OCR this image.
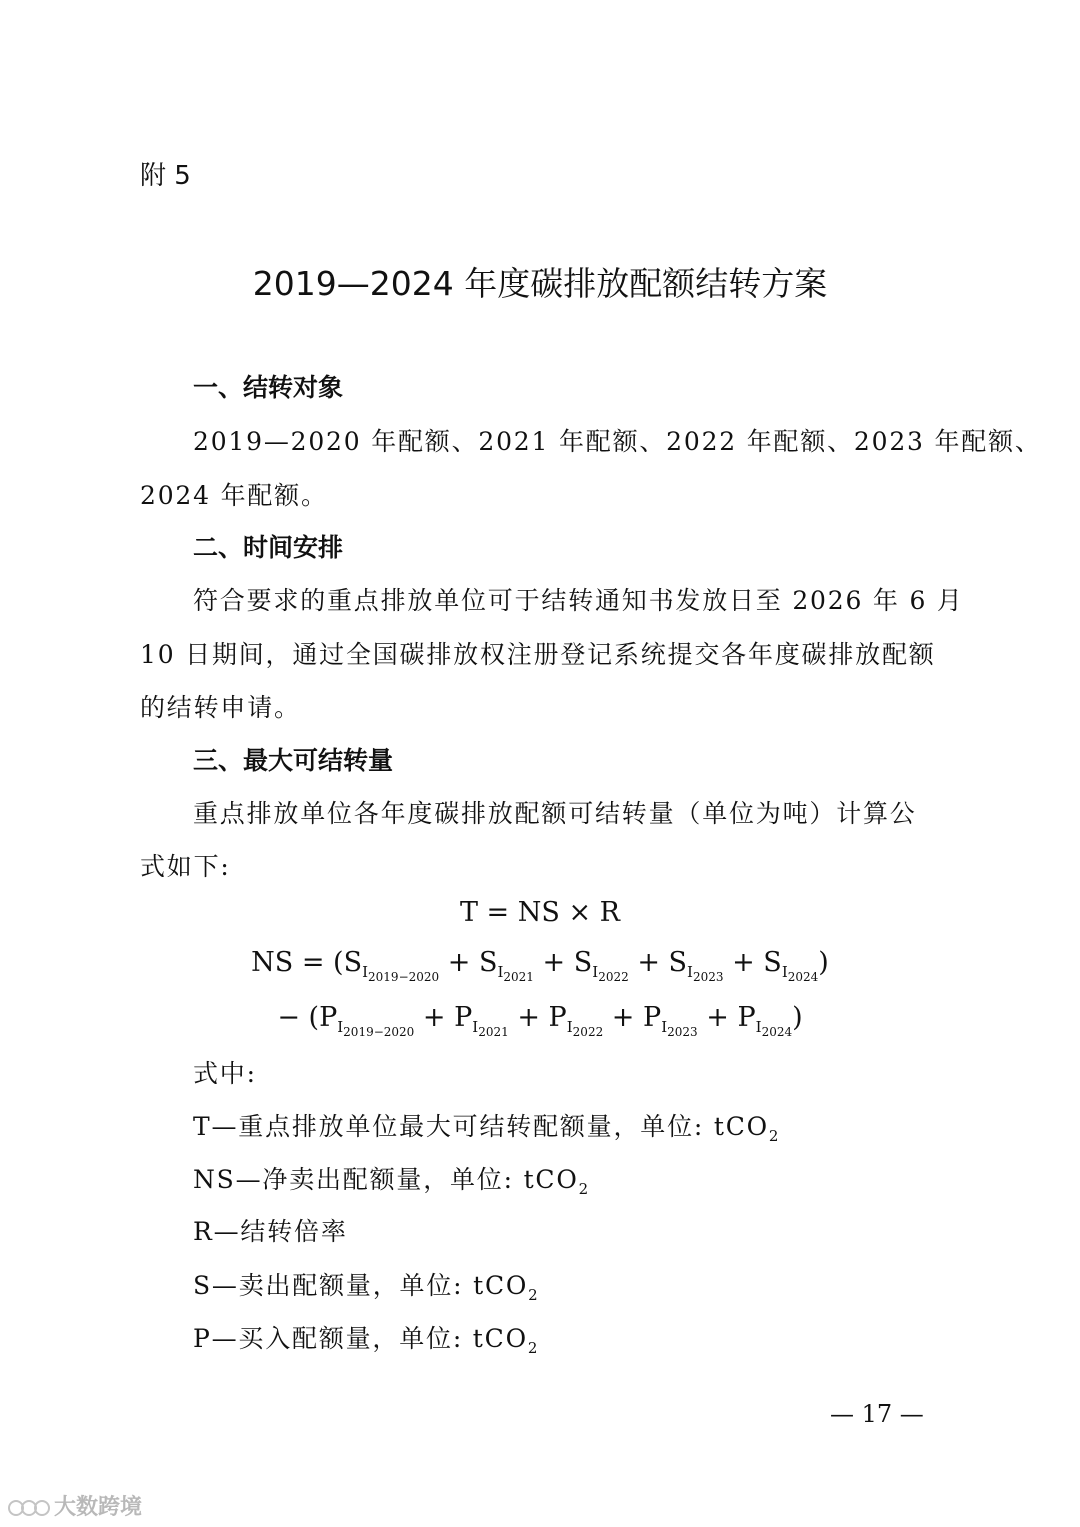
附 5
2019—2024 年度碳排放配额结转方案
一、结转对象
2019—2020 年配额、2021 年配额、2022 年配额、2023 年配额、
2024 年配额。
二、时间安排
符合要求的重点排放单位可于结转通知书发放日至 2026 年 6 月
10 日期间，通过全国碳排放权注册登记系统提交各年度碳排放配额
的结转申请。
三、最大可结转量
重点排放单位各年度碳排放配额可结转量（单位为吨）计算公
式如下:
T = NS × R
NS = $(S_{I_{2019-2020}} + S_{I_{2021}} + S_{I_{2022}} + S_{I_{2023}} + S_{I_{2024}})$
− $(P_{I_{2019-2020}} + P_{I_{2021}} + P_{I_{2022}} + P_{I_{2023}} + P_{I_{2024}})$
式中:
T—重点排放单位最大可结转配额量，单位: tCO$_2$
NS—净卖出配额量，单位: tCO$_2$
R—结转倍率
S—卖出配额量，单位: tCO$_2$
P—买入配额量，单位: tCO$_2$
— 17 —
大数跨境
